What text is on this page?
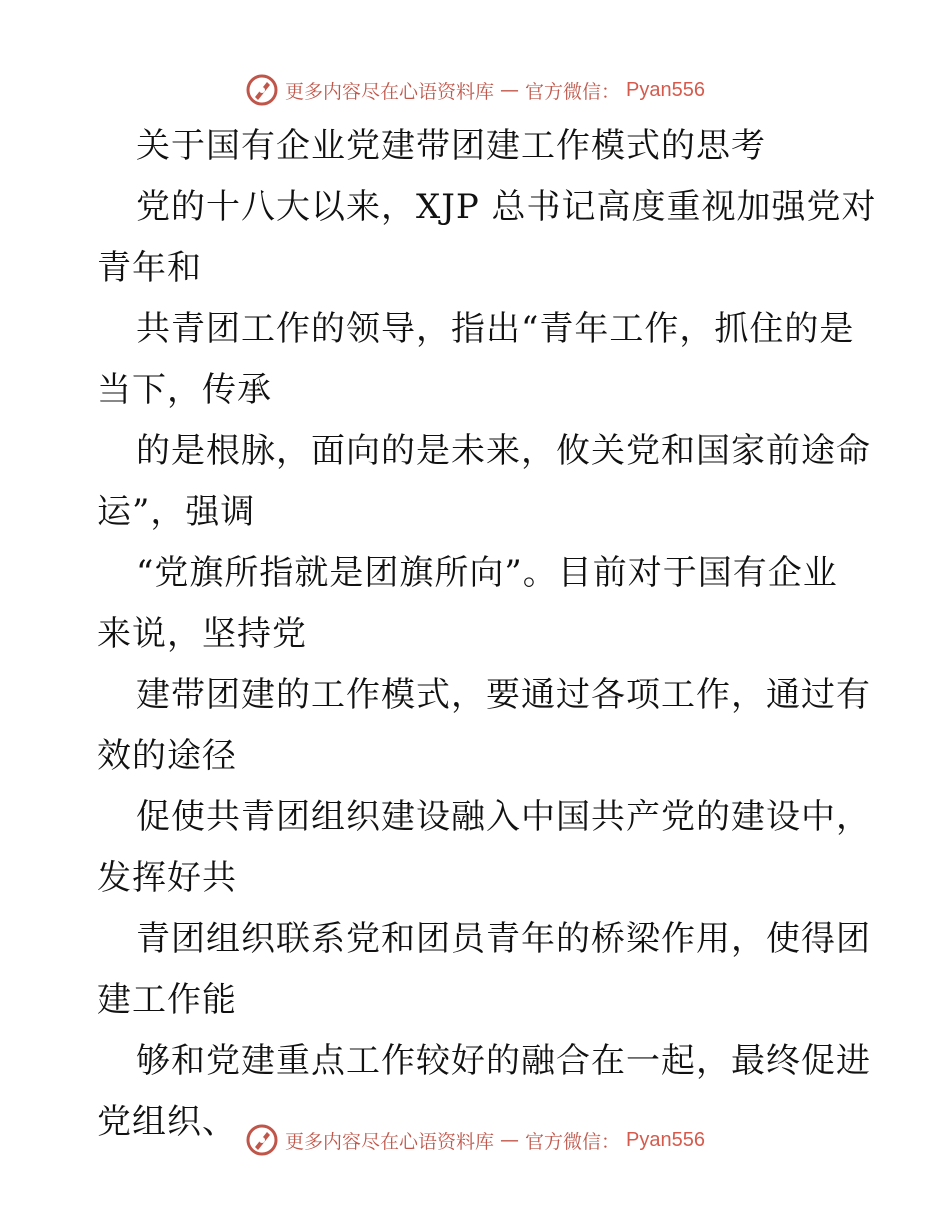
更多内容尽在心语资料库 — 官方微信： Pyan556
关于国有企业党建带团建工作模式的思考
党的十八大以来，XJP 总书记高度重视加强党对
青年和
共青团工作的领导，指出“青年工作，抓住的是
当下，传承
的是根脉，面向的是未来，攸关党和国家前途命
运”，强调
“党旗所指就是团旗所向”。目前对于国有企业
来说，坚持党
建带团建的工作模式，要通过各项工作，通过有
效的途径
促使共青团组织建设融入中国共产党的建设中，
发挥好共
青团组织联系党和团员青年的桥梁作用，使得团
建工作能
够和党建重点工作较好的融合在一起，最终促进
党组织、	更多内容尽在心语资料库 — 官方微信： Pyan556
